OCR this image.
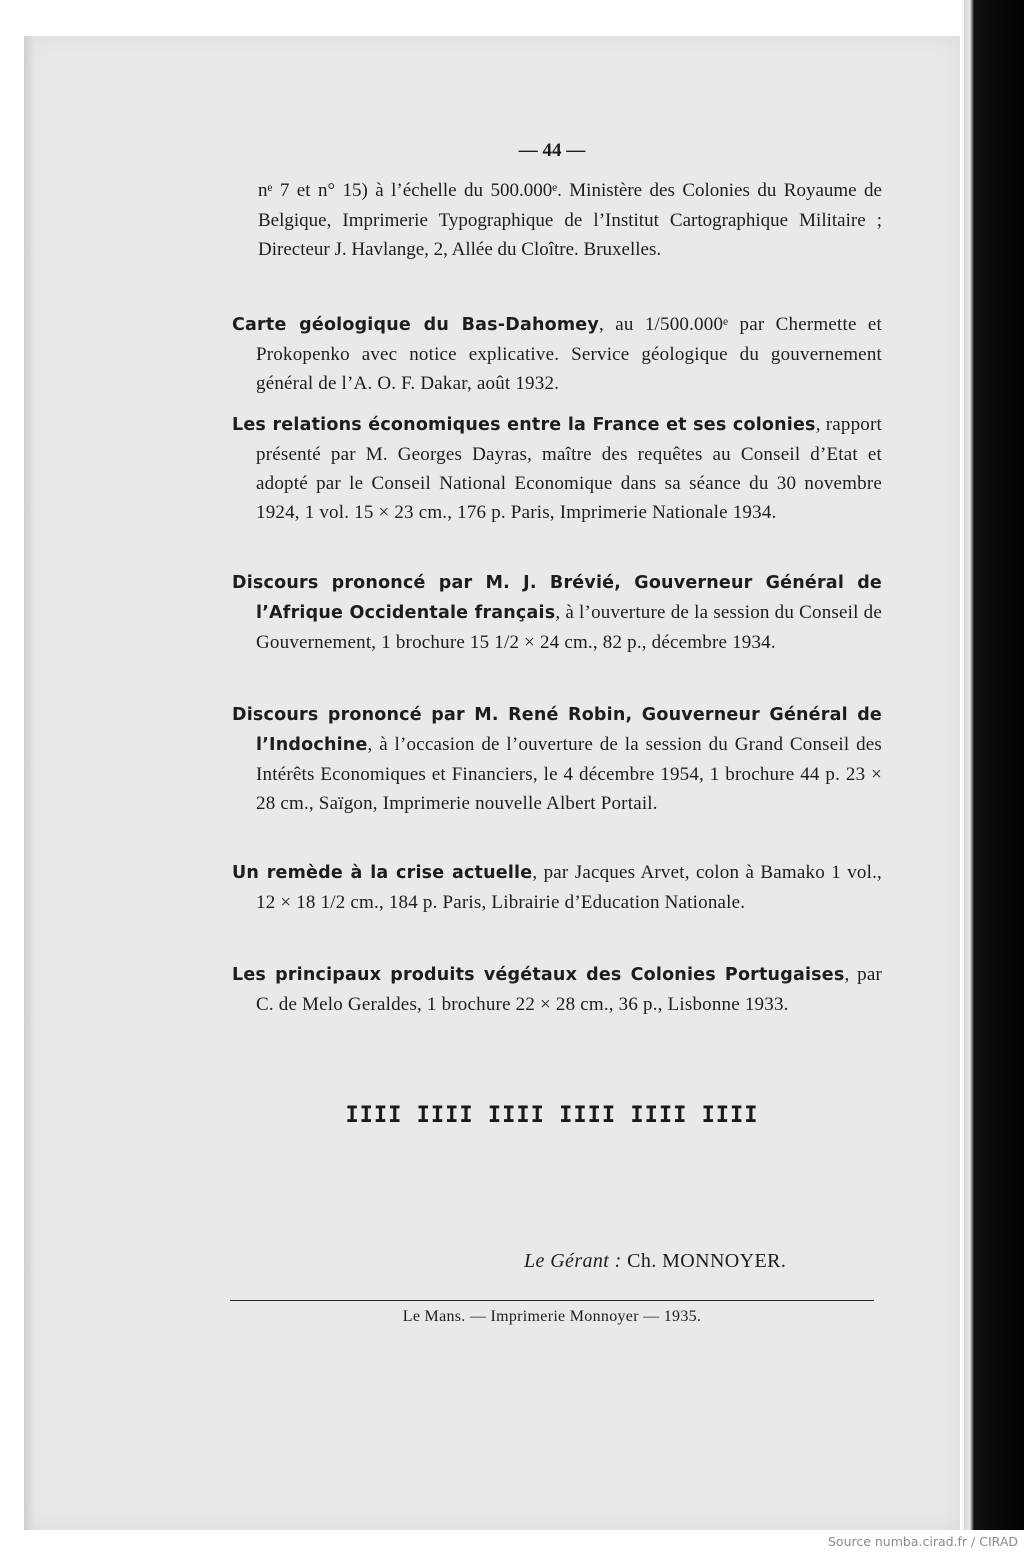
— 44 —
nᵉ 7 et n° 15) à l’échelle du 500.000ᵉ. Ministère des Colonies du Royaume de Belgique, Imprimerie Typographique de l’Institut Cartographique Militaire ; Directeur J. Havlange, 2, Allée du Cloître. Bruxelles.
Carte géologique du Bas-Dahomey, au 1/500.000ᵉ par Chermette et Prokopenko avec notice explicative. Service géologique du gouvernement général de l’A. O. F. Dakar, août 1932.
Les relations économiques entre la France et ses colonies, rapport présenté par M. Georges Dayras, maître des requêtes au Conseil d’Etat et adopté par le Conseil National Economique dans sa séance du 30 novembre 1924, 1 vol. 15 × 23 cm., 176 p. Paris, Imprimerie Nationale 1934.
Discours prononcé par M. J. Brévié, Gouverneur Général de l’Afrique Occidentale français, à l’ouverture de la session du Conseil de Gouvernement, 1 brochure 15 1/2 × 24 cm., 82 p., décembre 1934.
Discours prononcé par M. René Robin, Gouverneur Général de l’Indochine, à l’occasion de l’ouverture de la session du Grand Conseil des Intérêts Economiques et Financiers, le 4 décembre 1954, 1 brochure 44 p. 23 × 28 cm., Saïgon, Imprimerie nouvelle Albert Portail.
Un remède à la crise actuelle, par Jacques Arvet, colon à Bamako 1 vol., 12 × 18 1/2 cm., 184 p. Paris, Librairie d’Education Nationale.
Les principaux produits végétaux des Colonies Portugaises, par C. de Melo Geraldes, 1 brochure 22 × 28 cm., 36 p., Lisbonne 1933.
IIII IIII IIII IIII IIII IIII
Le Gérant : Ch. MONNOYER.
Le Mans. — Imprimerie Monnoyer — 1935.
Source numba.cirad.fr / CIRAD
